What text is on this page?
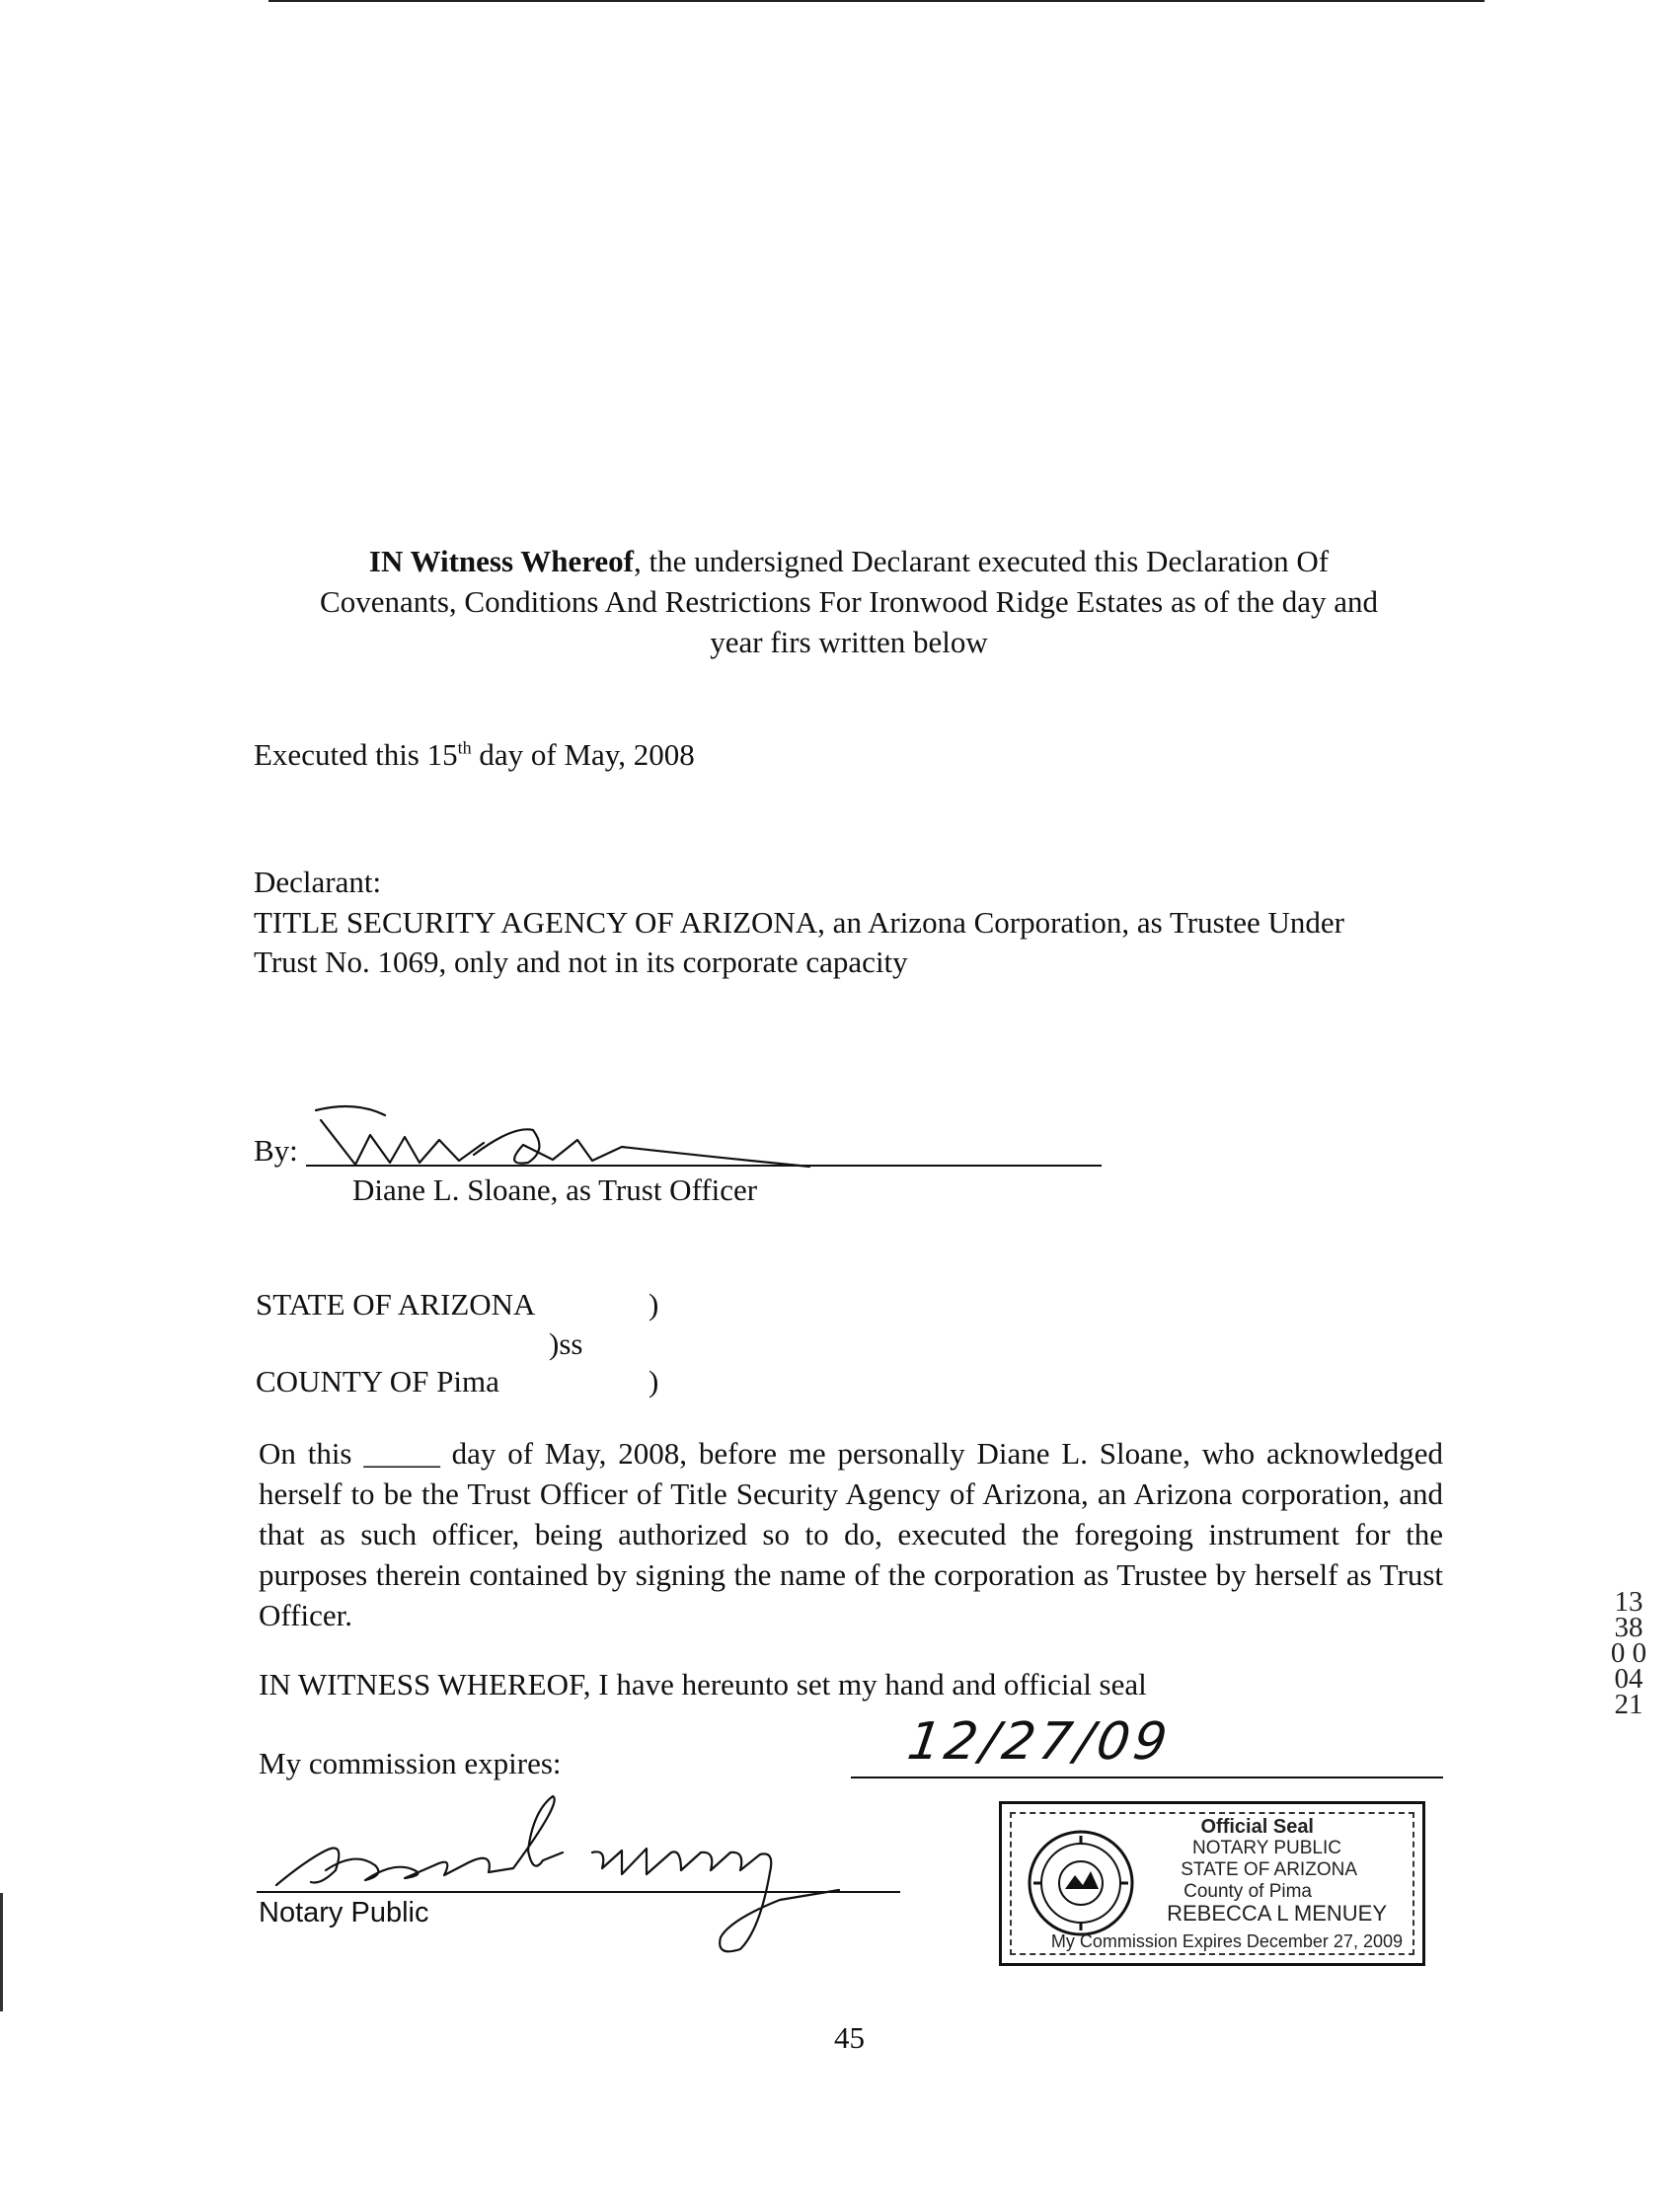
IN Witness Whereof, the undersigned Declarant executed this Declaration Of
Covenants, Conditions And Restrictions For Ironwood Ridge Estates as of the day and
year firs written below
Executed this 15th day of May, 2008
Declarant:
TITLE SECURITY AGENCY OF ARIZONA, an Arizona Corporation, as Trustee Under
Trust No. 1069, only and not in its corporate capacity
By:
Diane L. Sloane, as Trust Officer
STATE OF ARIZONA	)
)ss
COUNTY OF Pima	)
On this _____ day of May, 2008, before me personally Diane L. Sloane, who acknowledged herself to be the Trust Officer of Title Security Agency of Arizona, an Arizona corporation, and that as such officer, being authorized so to do, executed the foregoing instrument for the purposes therein contained by signing the name of the corporation as Trustee by herself as Trust Officer.
IN WITNESS WHEREOF, I have hereunto set my hand and official seal
My commission expires:	12/27/09
Notary Public
Official Seal
NOTARY PUBLIC
STATE OF ARIZONA
County of Pima
REBECCA L MENUEY
My Commission Expires December 27, 2009
45
13380 00421
